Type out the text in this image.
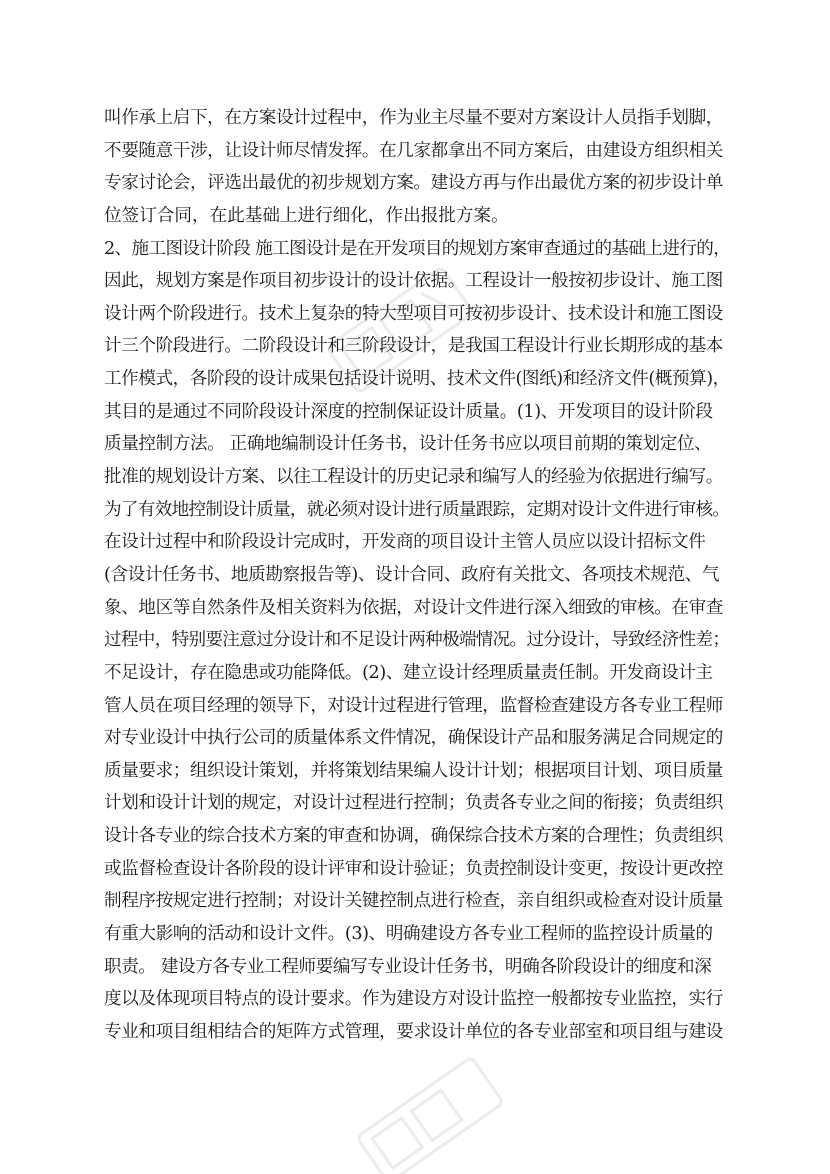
叫作承上启下，在方案设计过程中，作为业主尽量不要对方案设计人员指手划脚，
不要随意干涉，让设计师尽情发挥。在几家都拿出不同方案后，由建设方组织相关
专家讨论会，评选出最优的初步规划方案。建设方再与作出最优方案的初步设计单
位签订合同，在此基础上进行细化，作出报批方案。
2、施工图设计阶段 施工图设计是在开发项目的规划方案审查通过的基础上进行的，
因此，规划方案是作项目初步设计的设计依据。工程设计一般按初步设计、施工图
设计两个阶段进行。技术上复杂的特大型项目可按初步设计、技术设计和施工图设
计三个阶段进行。二阶段设计和三阶段设计，是我国工程设计行业长期形成的基本
工作模式，各阶段的设计成果包括设计说明、技术文件(图纸)和经济文件(概预算)，
其目的是通过不同阶段设计深度的控制保证设计质量。(1)、开发项目的设计阶段
质量控制方法。 正确地编制设计任务书，设计任务书应以项目前期的策划定位、
批准的规划设计方案、以往工程设计的历史记录和编写人的经验为依据进行编写。
为了有效地控制设计质量，就必须对设计进行质量跟踪，定期对设计文件进行审核。
在设计过程中和阶段设计完成时，开发商的项目设计主管人员应以设计招标文件
(含设计任务书、地质勘察报告等)、设计合同、政府有关批文、各项技术规范、气
象、地区等自然条件及相关资料为依据，对设计文件进行深入细致的审核。在审查
过程中，特别要注意过分设计和不足设计两种极端情况。过分设计，导致经济性差；
不足设计，存在隐患或功能降低。(2)、建立设计经理质量责任制。开发商设计主
管人员在项目经理的领导下，对设计过程进行管理，监督检查建设方各专业工程师
对专业设计中执行公司的质量体系文件情况，确保设计产品和服务满足合同规定的
质量要求；组织设计策划，并将策划结果编人设计计划；根据项目计划、项目质量
计划和设计计划的规定，对设计过程进行控制；负责各专业之间的衔接；负责组织
设计各专业的综合技术方案的审查和协调，确保综合技术方案的合理性；负责组织
或监督检查设计各阶段的设计评审和设计验证；负责控制设计变更，按设计更改控
制程序按规定进行控制；对设计关键控制点进行检查，亲自组织或检查对设计质量
有重大影响的活动和设计文件。(3)、明确建设方各专业工程师的监控设计质量的
职责。 建设方各专业工程师要编写专业设计任务书，明确各阶段设计的细度和深
度以及体现项目特点的设计要求。作为建设方对设计监控一般都按专业监控，实行
专业和项目组相结合的矩阵方式管理，要求设计单位的各专业部室和项目组与建设
